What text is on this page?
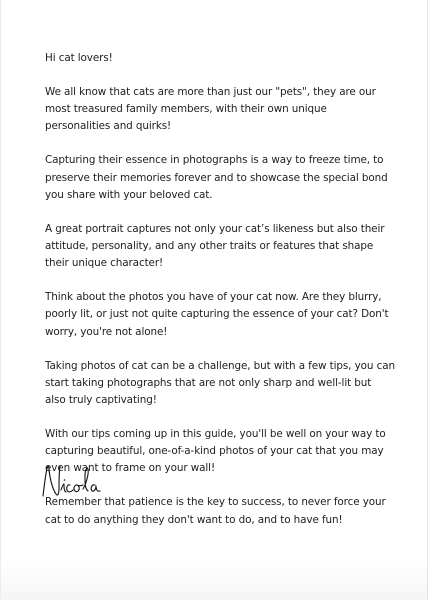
Hi cat lovers!

We all know that cats are more than just our "pets", they are our most treasured family members, with their own unique personalities and quirks!

Capturing their essence in photographs is a way to freeze time, to preserve their memories forever and to showcase the special bond you share with your beloved cat.

A great portrait captures not only your cat’s likeness but also their attitude, personality, and any other traits or features that shape their unique character!

Think about the photos you have of your cat now. Are they blurry, poorly lit, or just not quite capturing the essence of your cat? Don't worry, you're not alone!

Taking photos of cat can be a challenge, but with a few tips, you can start taking photographs that are not only sharp and well-lit but also truly captivating!

With our tips coming up in this guide, you'll be well on your way to capturing beautiful, one-of-a-kind photos of your cat that you may even want to frame on your wall!

Remember that patience is the key to success, to never force your cat to do anything they don't want to do, and to have fun!
